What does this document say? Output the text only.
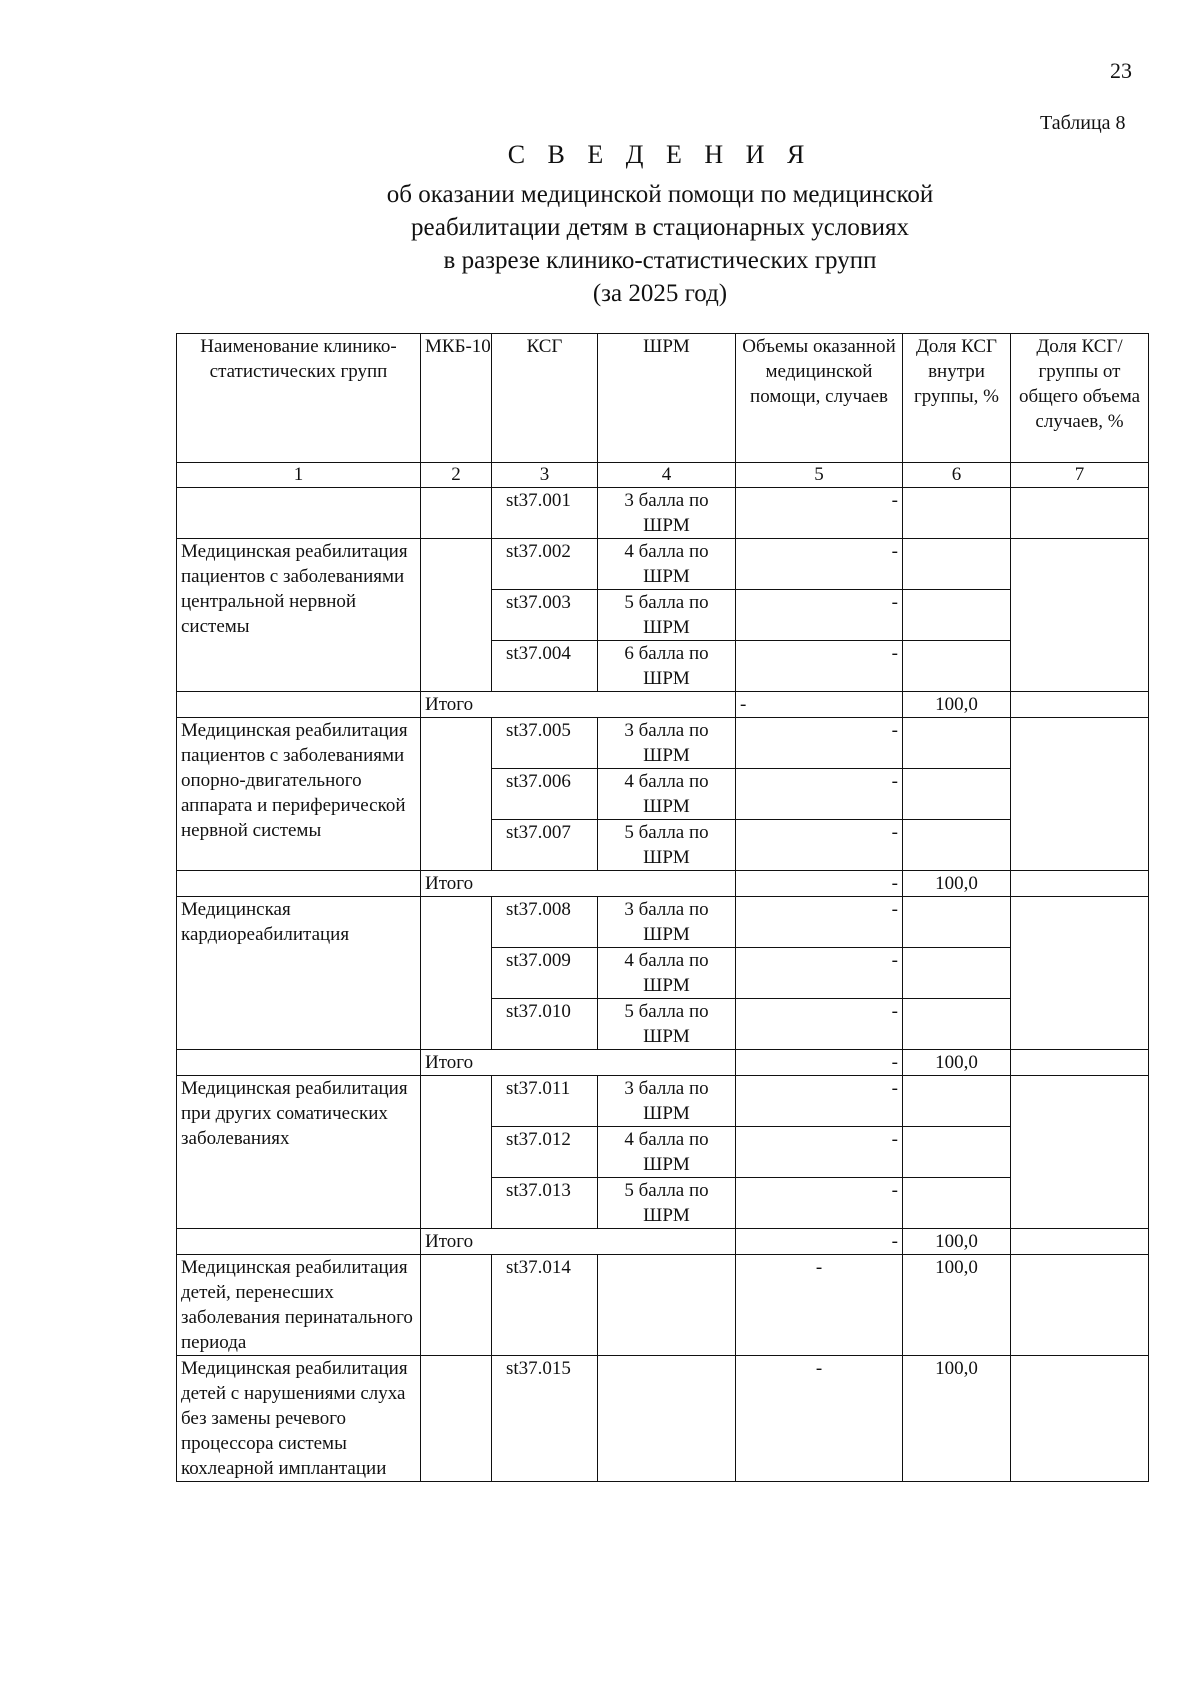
23
Таблица 8
С В Е Д Е Н И Я
об оказании медицинской помощи по медицинской
реабилитации детям в стационарных условиях
в разрезе клинико-статистических групп
(за 2025 год)
Наименование клинико-статистических групп	МКБ-10	КСГ	ШРМ	Объемы оказанной медицинской помощи, случаев	Доля КСГ внутри группы, %	Доля КСГ/группы от общего объема случаев, %
1	2	3	4	5	6	7
		st37.001	3 балла по ШРМ	-		
Медицинская реабилитация пациентов с заболеваниями центральной нервной системы		st37.002	4 балла по ШРМ	-		
		st37.003	5 балла по ШРМ	-		
		st37.004	6 балла по ШРМ	-		
	Итого			-	100,0	
Медицинская реабилитация пациентов с заболеваниями опорно-двигательного аппарата и периферической нервной системы		st37.005	3 балла по ШРМ	-		
		st37.006	4 балла по ШРМ	-		
		st37.007	5 балла по ШРМ	-		
	Итого			-	100,0	
Медицинская кардиореабилитация		st37.008	3 балла по ШРМ	-		
		st37.009	4 балла по ШРМ	-		
		st37.010	5 балла по ШРМ	-		
	Итого			-	100,0	
Медицинская реабилитация при других соматических заболеваниях		st37.011	3 балла по ШРМ	-		
		st37.012	4 балла по ШРМ	-		
		st37.013	5 балла по ШРМ	-		
	Итого			-	100,0	
Медицинская реабилитация детей, перенесших заболевания перинатального периода		st37.014		-	100,0	
Медицинская реабилитация детей с нарушениями слуха без замены речевого процессора системы кохлеарной имплантации		st37.015		-	100,0	
